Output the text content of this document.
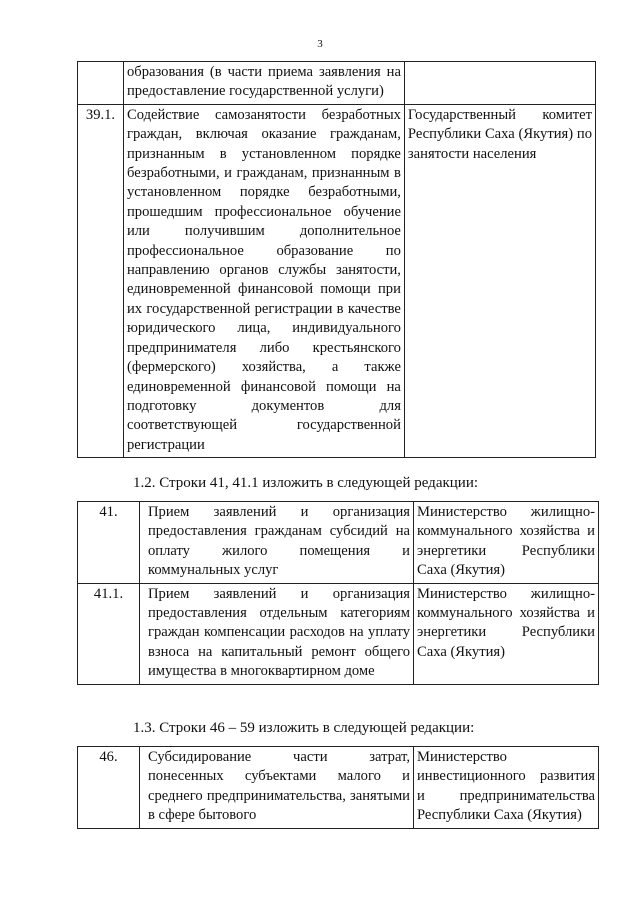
3
	образования (в части приема заявления на предоставление государственной услуги)	
39.1.	Содействие самозанятости безработных граждан, включая оказание гражданам, признанным в установленном порядке безработными, и гражданам, признанным в установленном порядке безработными, прошедшим профессиональное обучение или получившим дополнительное профессиональное образование по направлению органов службы занятости, единовременной финансовой помощи при их государственной регистрации в качестве юридического лица, индивидуального предпринимателя либо крестьянского (фермерского) хозяйства, а также единовременной финансовой помощи на подготовку документов для соответствующей государственной регистрации	Государственный комитет Республики Саха (Якутия) по занятости населения
1.2. Строки 41, 41.1 изложить в следующей редакции:
41.	Прием заявлений и организация предоставления гражданам субсидий на оплату жилого помещения и коммунальных услуг	Министерство жилищно-коммунального хозяйства и энергетики Республики Саха (Якутия)
41.1.	Прием заявлений и организация предоставления отдельным категориям граждан компенсации расходов на уплату взноса на капитальный ремонт общего имущества в многоквартирном доме	Министерство жилищно-коммунального хозяйства и энергетики Республики Саха (Якутия)
1.3. Строки 46 – 59 изложить в следующей редакции:
46.	Субсидирование части затрат, понесенных субъектами малого и среднего предпринимательства, занятыми в сфере бытового	Министерство инвестиционного развития и предпринимательства Республики Саха (Якутия)
